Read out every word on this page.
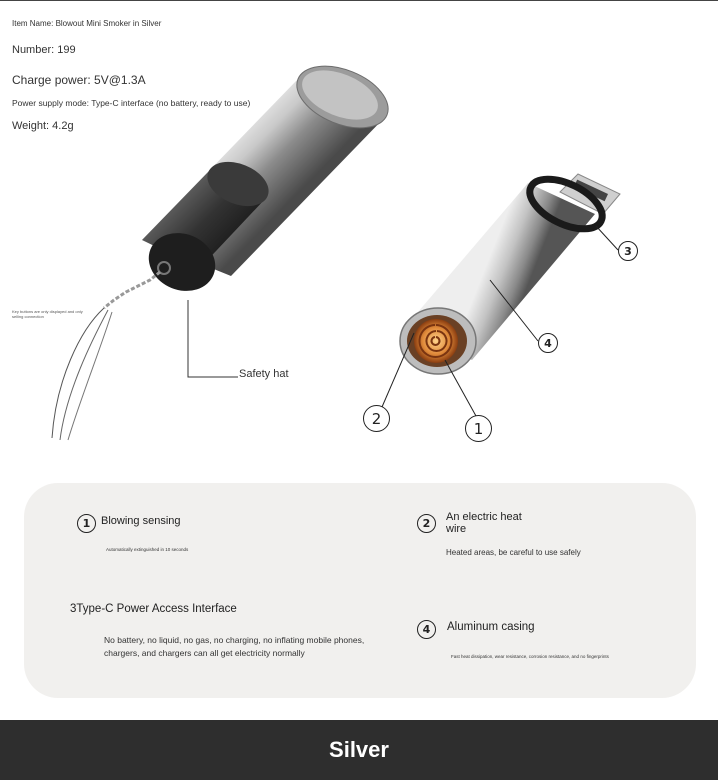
Item Name: Blowout Mini Smoker in Silver
Number: 199
Charge power: 5V@1.3A
Power supply mode: Type-C interface (no battery, ready to use)
Weight: 4.2g
Key buttons are only displayed and only selling connection
Safety hat
3
4
2
1
1 Blowing sensing
Automatically extinguished in 10 seconds
2	An electric heat wire
Heated areas, be careful to use safely
3Type-C Power Access Interface
No battery, no liquid, no gas, no charging, no inflating mobile phones, chargers, and chargers can all get electricity normally
4	Aluminum casing
Fast heat dissipation, wear resistance, corrosion resistance, and no fingerprints
Silver
